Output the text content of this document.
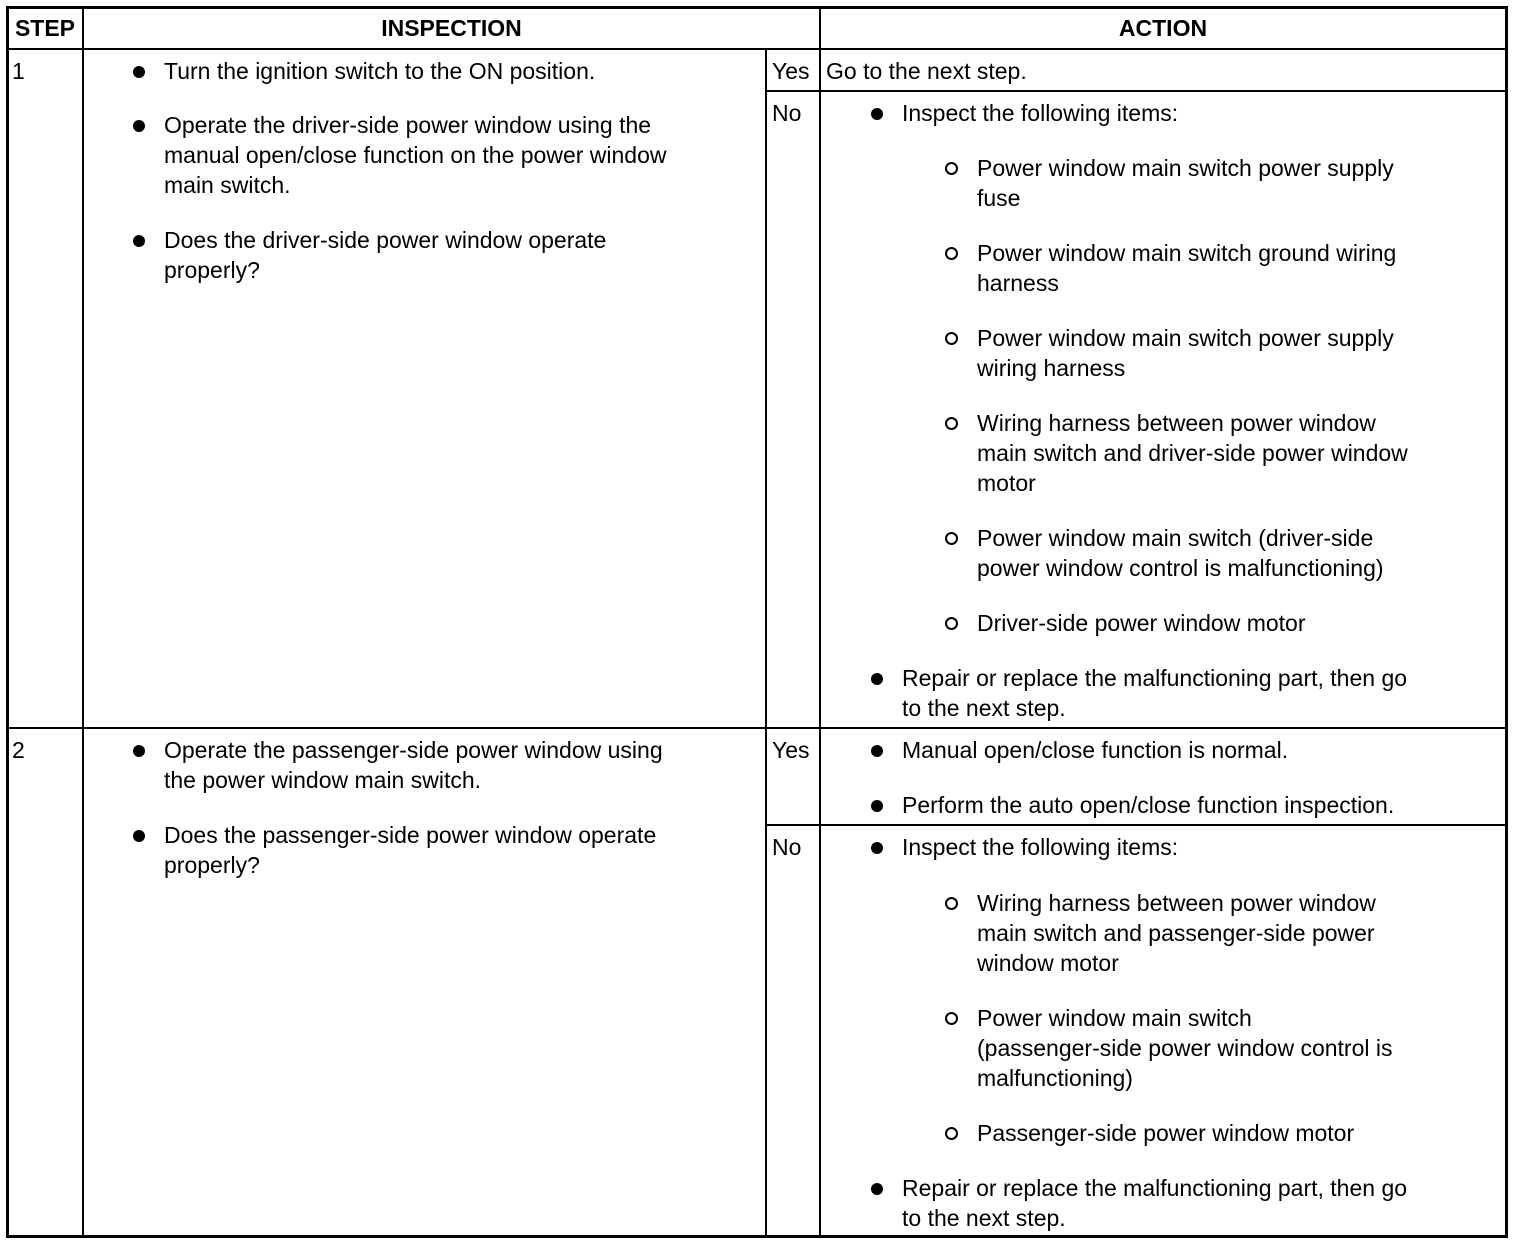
STEP	INSPECTION	ACTION
1	Turn the ignition switch to the ON position.
Operate the driver-side power window using the
manual open/close function on the power window
main switch.
Does the driver-side power window operate
properly?
Yes Go to the next step.
No	Inspect the following items:
Power window main switch power supply
fuse
Power window main switch ground wiring
harness
Power window main switch power supply
wiring harness
Wiring harness between power window
main switch and driver-side power window
motor
Power window main switch (driver-side
power window control is malfunctioning)
Driver-side power window motor
Repair or replace the malfunctioning part, then go
to the next step.
2	Operate the passenger-side power window using
the power window main switch.
Does the passenger-side power window operate
properly?
Yes	Manual open/close function is normal.
Perform the auto open/close function inspection.
No	Inspect the following items:
Wiring harness between power window
main switch and passenger-side power
window motor
Power window main switch
(passenger-side power window control is
malfunctioning)
Passenger-side power window motor
Repair or replace the malfunctioning part, then go
to the next step.
